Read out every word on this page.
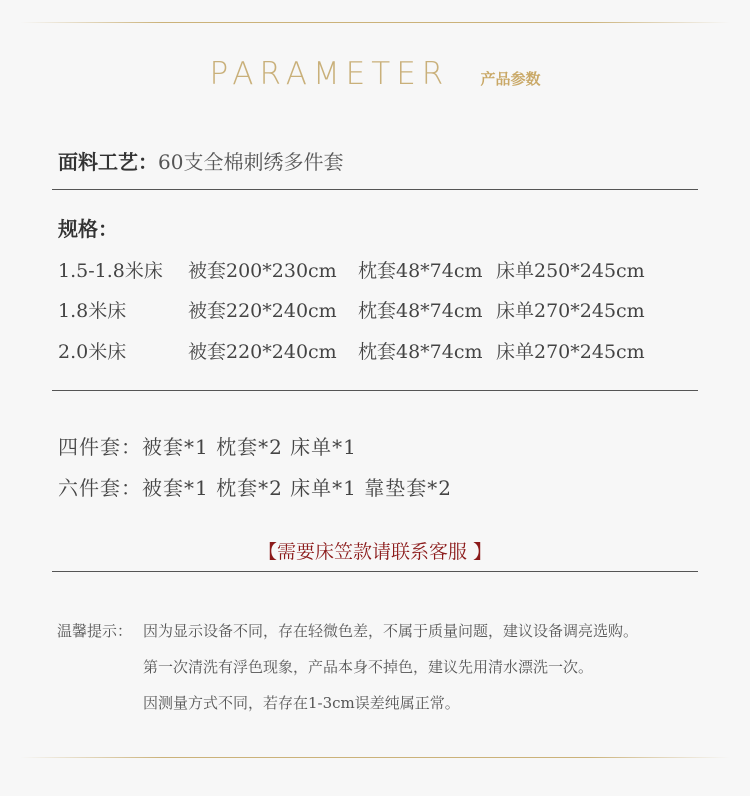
PARAMETER 产品参数
面料工艺：60支全棉刺绣多件套
规格：
1.5-1.8米床 被套200*230cm 枕套48*74cm 床单250*245cm
1.8米床	被套220*240cm 枕套48*74cm 床单270*245cm
2.0米床	被套220*240cm 枕套48*74cm 床单270*245cm
四件套：被套*1 枕套*2 床单*1
六件套：被套*1 枕套*2 床单*1 靠垫套*2
【需要床笠款请联系客服 】
温馨提示： 因为显示设备不同，存在轻微色差，不属于质量问题，建议设备调亮选购。
第一次清洗有浮色现象，产品本身不掉色，建议先用清水漂洗一次。
因测量方式不同，若存在1-3cm误差纯属正常。
